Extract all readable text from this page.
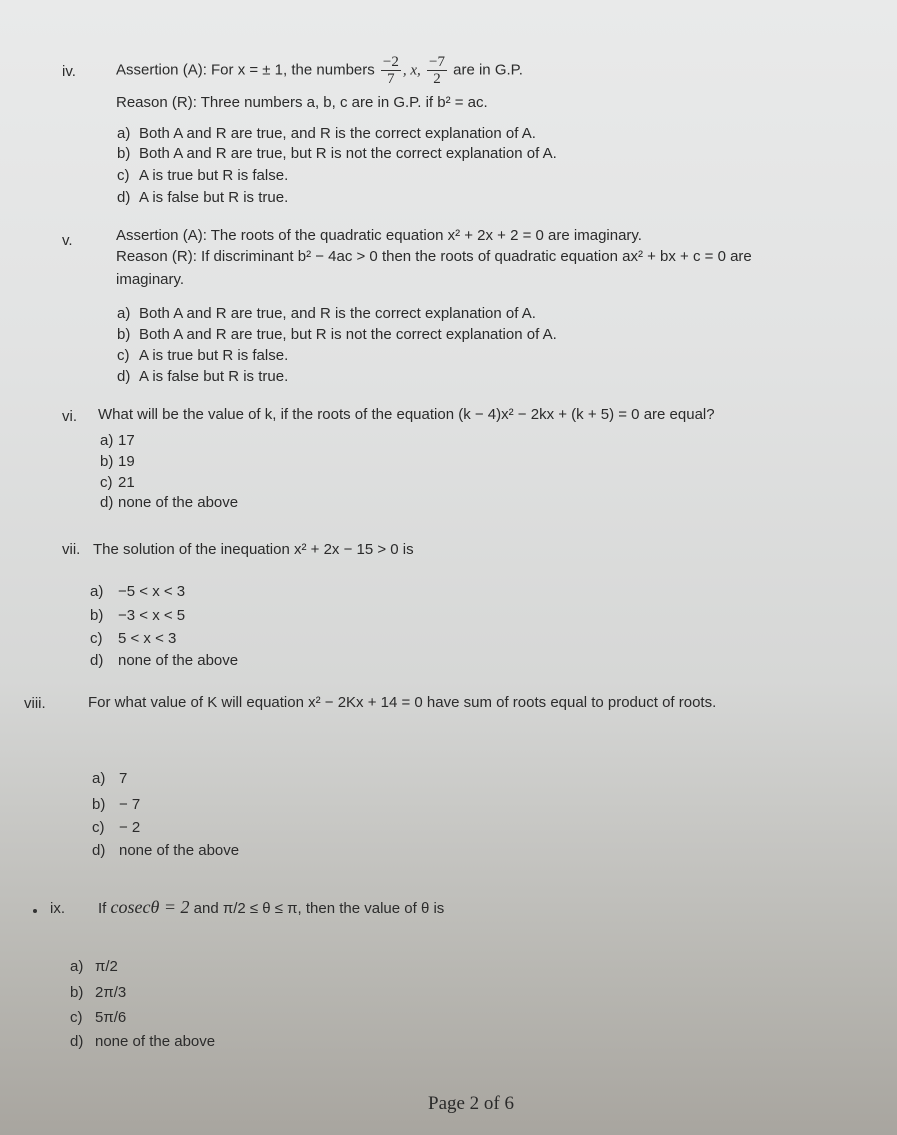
iv.	Assertion (A): For x = ± 1, the numbers $\frac{-2}{7}$ , x, $\frac{-7}{2}$ are in G.P.
Reason (R): Three numbers a, b, c are in G.P. if b² = ac.
a) Both A and R are true, and R is the correct explanation of A.
b) Both A and R are true, but R is not the correct explanation of A.
c) A is true but R is false.
d) A is false but R is true.
v.	Assertion (A): The roots of the quadratic equation x² + 2x + 2 = 0 are imaginary.
Reason (R): If discriminant b² − 4ac > 0 then the roots of quadratic equation ax² + bx + c = 0 are
imaginary.
a) Both A and R are true, and R is the correct explanation of A.
b) Both A and R are true, but R is not the correct explanation of A.
c) A is true but R is false.
d) A is false but R is true.
vi. What will be the value of k, if the roots of the equation (k − 4)x² − 2kx + (k + 5) = 0 are equal?
a) 17
b) 19
c) 21
d) none of the above
vii. The solution of the inequation x² + 2x − 15 > 0 is
a) −5 < x < 3
b) −3 < x < 5
c) 5 < x < 3
d) none of the above
viii.	For what value of K will equation x² − 2Kx + 14 = 0 have sum of roots equal to product of roots.
a) 7
b) − 7
c) − 2
d) none of the above
ix. If cosecθ = 2 and π/2 ≤ θ ≤ π, then the value of θ is
a) π/2
b) 2π/3
c) 5π/6
d) none of the above
Page 2 of 6
